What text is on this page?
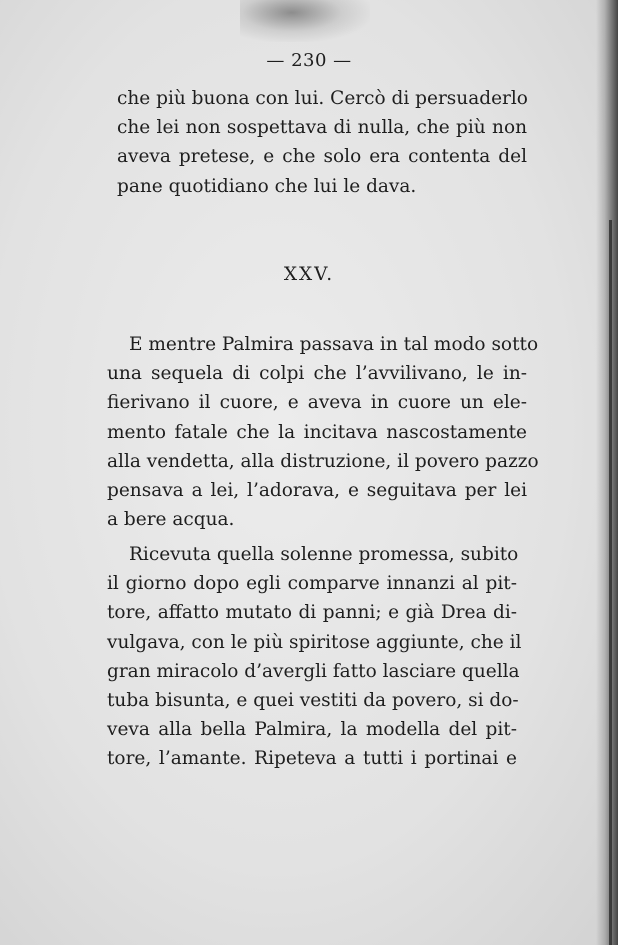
— 230 —
che più buona con lui. Cercò di persuaderlo
che lei non sospettava di nulla, che più non
aveva pretese, e che solo era contenta del
pane quotidiano che lui le dava.
XXV.
E mentre Palmira passava in tal modo sotto
una sequela di colpi che l’avvilivano, le in-
fierivano il cuore, e aveva in cuore un ele-
mento fatale che la incitava nascostamente
alla vendetta, alla distruzione, il povero pazzo
pensava a lei, l’adorava, e seguitava per lei
a bere acqua.
Ricevuta quella solenne promessa, subito
il giorno dopo egli comparve innanzi al pit-
tore, affatto mutato di panni; e già Drea di-
vulgava, con le più spiritose aggiunte, che il
gran miracolo d’avergli fatto lasciare quella
tuba bisunta, e quei vestiti da povero, si do-
veva alla bella Palmira, la modella del pit-
tore, l’amante. Ripeteva a tutti i portinai e
